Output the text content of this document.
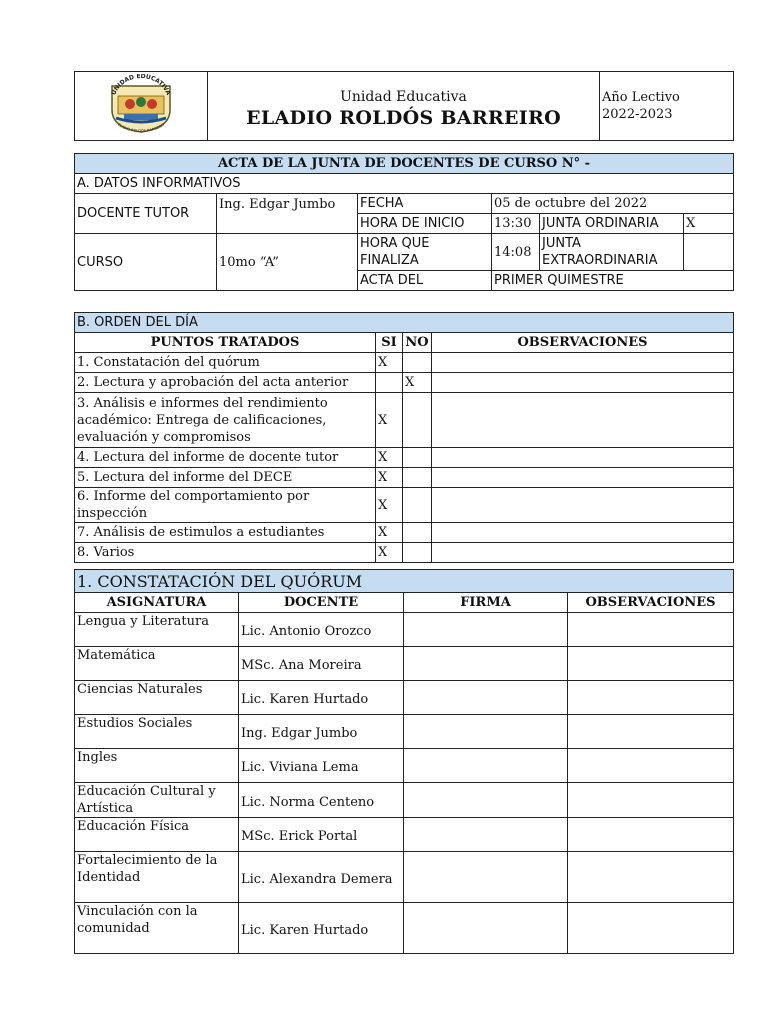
UNIDAD EDUCATIVA
ELADIO ROLDÓS BARREIRO

Unidad Educativa
ELADIO ROLDÓS BARREIRO

Año Lectivo
2022-2023
ACTA DE LA JUNTA DE DOCENTES DE CURSO N° -					
A. DATOS INFORMATIVOS					
DOCENTE TUTOR	Ing. Edgar Jumbo	FECHA	05 de octubre del 2022		
		HORA DE INICIO	13:30	JUNTA ORDINARIA	X
CURSO	10mo “A”	HORA QUE FINALIZA	14:08	JUNTA EXTRAORDINARIA	
		ACTA DEL	PRIMER QUIMESTRE		
B. ORDEN DEL DÍA			
PUNTOS TRATADOS	SI	NO	OBSERVACIONES
1. Constatación del quórum	X		
2. Lectura y aprobación del acta anterior		X	
3. Análisis e informes del rendimiento académico: Entrega de calificaciones, evaluación y compromisos	X		
4. Lectura del informe de docente tutor	X		
5. Lectura del informe del DECE	X		
6. Informe del comportamiento por inspección	X		
7. Análisis de estimulos a estudiantes	X		
8. Varios	X		
1. CONSTATACIÓN DEL QUÓRUM			
ASIGNATURA	DOCENTE	FIRMA	OBSERVACIONES
Lengua y Literatura	Lic. Antonio Orozco		
Matemática	MSc. Ana Moreira		
Ciencias Naturales	Lic. Karen Hurtado		
Estudios Sociales	Ing. Edgar Jumbo		
Ingles	Lic. Viviana Lema		
Educación Cultural y Artística	Lic. Norma Centeno		
Educación Física	MSc. Erick Portal		
Fortalecimiento de la Identidad	Lic. Alexandra Demera		
Vinculación con la comunidad	Lic. Karen Hurtado		
